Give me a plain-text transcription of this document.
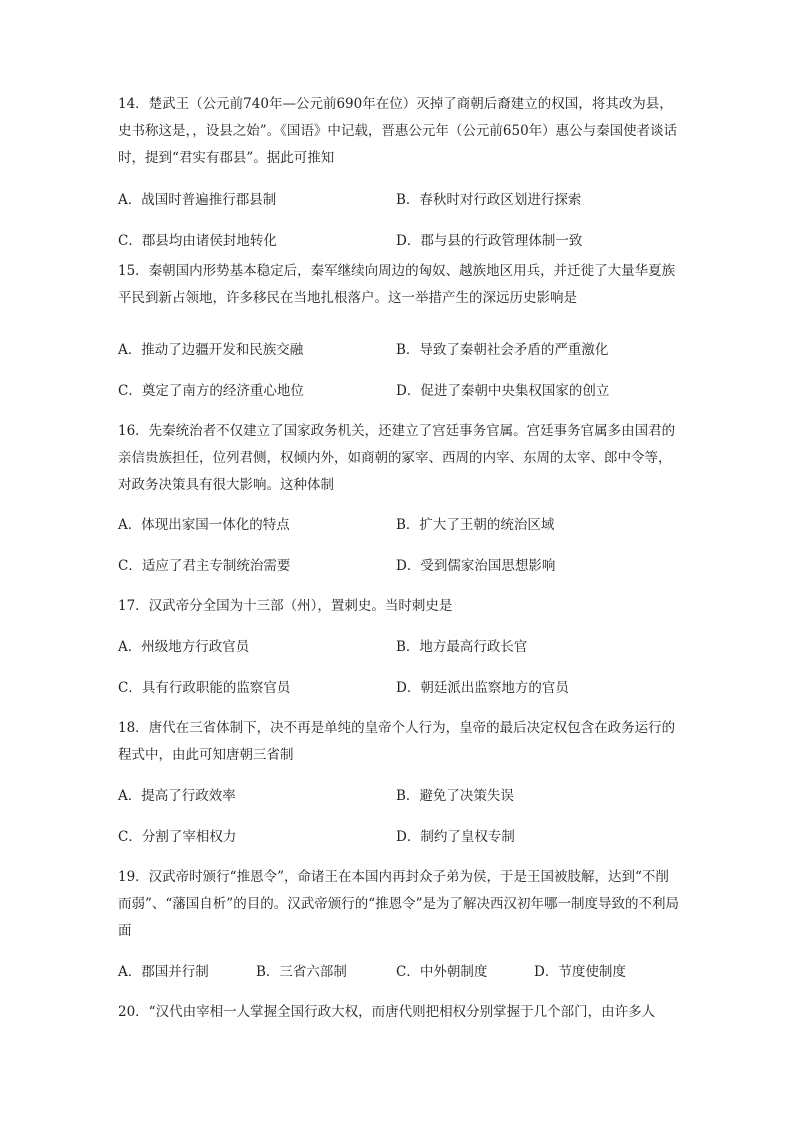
14．楚武王（公元前740年—公元前690年在位）灭掉了商朝后裔建立的权国，将其改为县，史书称这是，，设县之始”。《国语》中记载，晋惠公元年（公元前650年）惠公与秦国使者谈话时，提到“君实有郡县”。据此可推知

A．战国时普遍推行郡县制	B．春秋时对行政区划进行探索

C．郡县均由诸侯封地转化	D．郡与县的行政管理体制一致

15．秦朝国内形势基本稳定后，秦军继续向周边的匈奴、越族地区用兵，并迁徙了大量华夏族平民到新占领地，许多移民在当地扎根落户。这一举措产生的深远历史影响是

A．推动了边疆开发和民族交融	B．导致了秦朝社会矛盾的严重激化

C．奠定了南方的经济重心地位	D．促进了秦朝中央集权国家的创立

16．先秦统治者不仅建立了国家政务机关，还建立了宫廷事务官属。宫廷事务官属多由国君的亲信贵族担任，位列君侧，权倾内外，如商朝的冢宰、西周的内宰、东周的太宰、郎中令等，对政务决策具有很大影响。这种体制

A．体现出家国一体化的特点	B．扩大了王朝的统治区域

C．适应了君主专制统治需要	D．受到儒家治国思想影响

17．汉武帝分全国为十三部（州），置刺史。当时刺史是

A．州级地方行政官员	B．地方最高行政长官

C．具有行政职能的监察官员	D．朝廷派出监察地方的官员

18．唐代在三省体制下，决不再是单纯的皇帝个人行为，皇帝的最后决定权包含在政务运行的程式中，由此可知唐朝三省制

A．提高了行政效率	B．避免了决策失误

C．分割了宰相权力	D．制约了皇权专制

19．汉武帝时颁行“推恩令”，命诸王在本国内再封众子弟为侯，于是王国被肢解，达到“不削而弱”、“藩国自析”的目的。汉武帝颁行的“推恩令”是为了解决西汉初年哪一制度导致的不利局面

A．郡国并行制	B．三省六部制	C．中外朝制度	D．节度使制度

20．“汉代由宰相一人掌握全国行政大权，而唐代则把相权分别掌握于几个部门，由许多人
